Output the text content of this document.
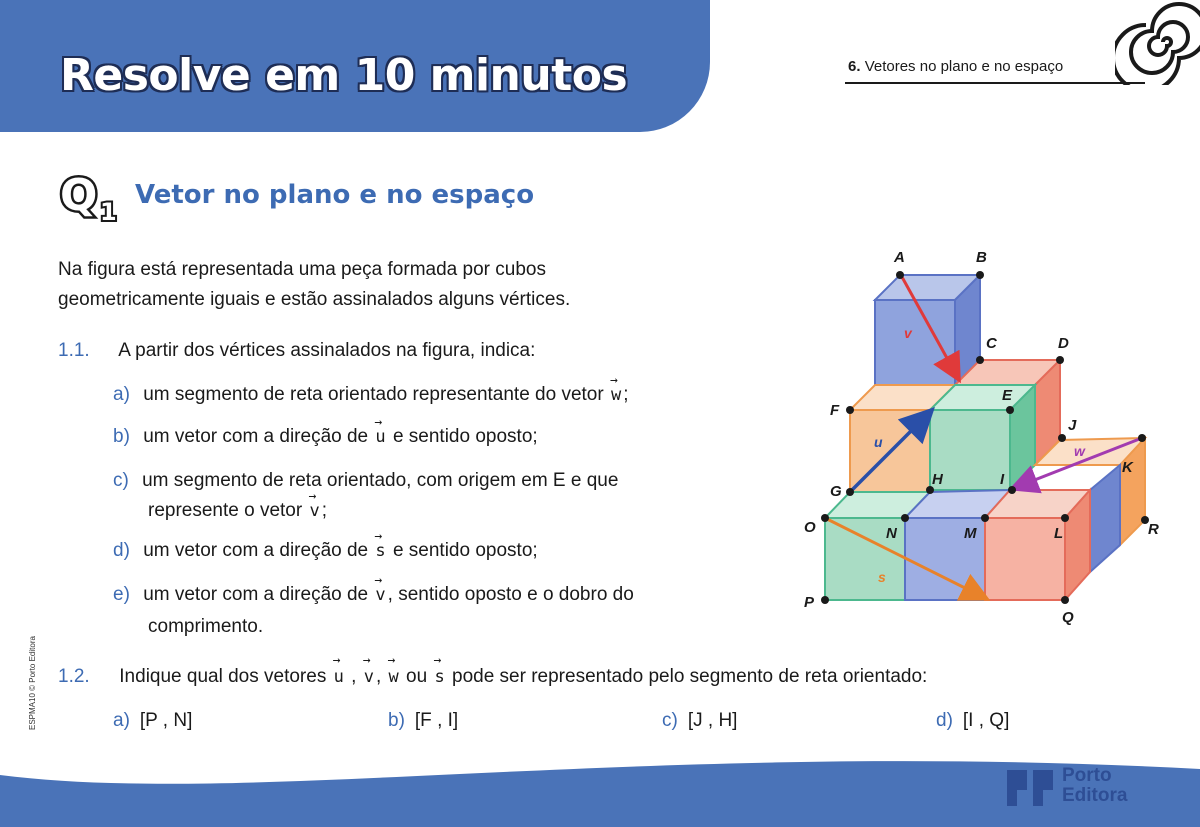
Resolve em 10 minutos	6. Vetores no plano e no espaço
Q 1
Vetor no plano e no espaço
Na figura está representada uma peça formada por cubos
geometricamente iguais e estão assinalados alguns vértices.
1.1. A partir dos vértices assinalados na figura, indica:
a) um segmento de reta orientado representante do vetor → w ;
b) um vetor com a direção de → u e sentido oposto;
c) um segmento de reta orientado, com origem em E e que
represente o vetor → v ;
d) um vetor com a direção de → s e sentido oposto;
e) um vetor com a direção de → v , sentido oposto e o dobro do
comprimento.
1.2. Indique qual dos vetores → u , → v , → w ou → s pode ser representado pelo segmento de reta orientado:
a) [P , N]	b) [F , I]	c) [J , H]	d) [I , Q]
ESPMA10 © Porto Editora
v
u
w
s
A	B
C	D
E
F
J
G
H	I
K
O	N	M	L	R
P
Q
Porto
Editora
